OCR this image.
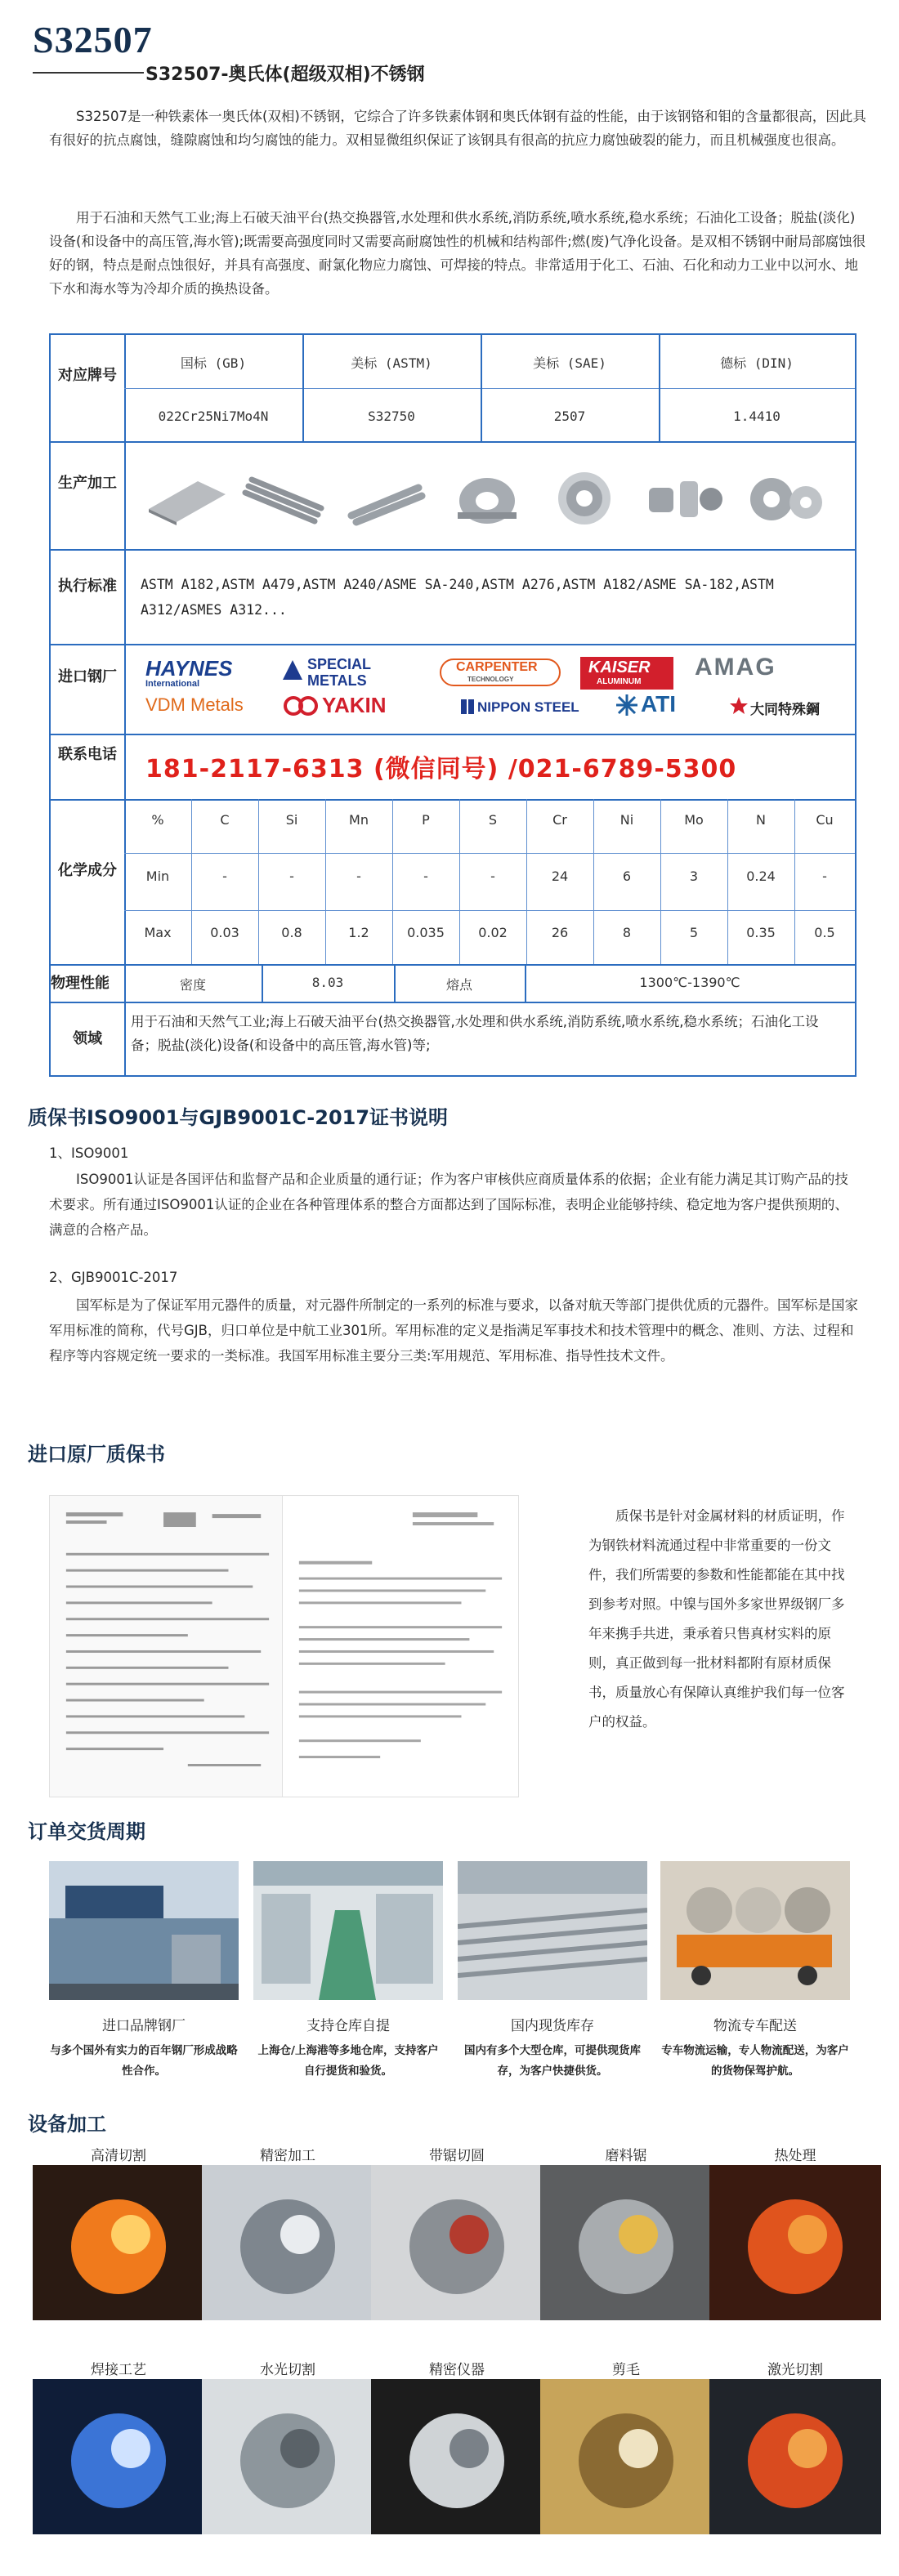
S32507
S32507-奥氏体(超级双相)不锈钢
S32507是一种铁素体一奥氏体(双相)不锈钢，它综合了许多铁素体钢和奥氏体钢有益的性能，由于该钢铬和钼的含量都很高，因此具有很好的抗点腐蚀，缝隙腐蚀和均匀腐蚀的能力。双相显微组织保证了该钢具有很高的抗应力腐蚀破裂的能力，而且机械强度也很高。
用于石油和天然气工业;海上石破天油平台(热交换器管,水处理和供水系统,消防系统,喷水系统,稳水系统；石油化工设备；脱盐(淡化)设备(和设备中的高压管,海水管);既需要高强度同时又需要高耐腐蚀性的机械和结构部件;燃(废)气净化设备。是双相不锈钢中耐局部腐蚀很好的钢，特点是耐点蚀很好，并具有高强度、耐氯化物应力腐蚀、可焊接的特点。非常适用于化工、石油、石化和动力工业中以河水、地下水和海水等为冷却介质的换热设备。
对应牌号
国标 (GB)	美标 (ASTM)	美标 (SAE)	德标 (DIN)
022Cr25Ni7Mo4N	S32750	2507	1.4410
生产加工
执行标准	ASTM A182,ASTM A479,ASTM A240/ASME SA-240,ASTM A276,ASTM A182/ASME SA-182,ASTM A312/ASMES A312...
进口钢厂	HAYNES
International
SPECIAL
METALS
CARPENTER
TECHNOLOGY
KAISER
ALUMINUM
AMAG
VDM Metals	YAKIN	NIPPON STEEL	ATI	大同特殊鋼
联系电话
181-2117-6313 (微信同号) /021-6789-5300
化学成分
%	C	Si	Mn	P	S	Cr	Ni	Mo	N	Cu
Min	-	-	-	-	-	24	6	3	0.24	-
Max	0.03	0.8	1.2	0.035	0.02	26	8	5	0.35	0.5
物理性能	密度	8.03	熔点	1300℃-1390℃
领域
用于石油和天然气工业;海上石破天油平台(热交换器管,水处理和供水系统,消防系统,喷水系统,稳水系统；石油化工设备；脱盐(淡化)设备(和设备中的高压管,海水管)等;
质保书ISO9001与GJB9001C-2017证书说明
1、ISO9001
ISO9001认证是各国评估和监督产品和企业质量的通行证；作为客户审核供应商质量体系的依据；企业有能力满足其订购产品的技术要求。所有通过ISO9001认证的企业在各种管理体系的整合方面都达到了国际标准，表明企业能够持续、稳定地为客户提供预期的、满意的合格产品。
2、GJB9001C-2017
国军标是为了保证军用元器件的质量，对元器件所制定的一系列的标准与要求，以备对航天等部门提供优质的元器件。国军标是国家军用标准的简称，代号GJB，归口单位是中航工业301所。军用标准的定义是指满足军事技术和技术管理中的概念、准则、方法、过程和程序等内容规定统一要求的一类标准。我国军用标准主要分三类:军用规范、军用标准、指导性技术文件。
进口原厂质保书
质保书是针对金属材料的材质证明，作为钢铁材料流通过程中非常重要的一份文件，我们所需要的参数和性能都能在其中找到参考对照。中镍与国外多家世界级钢厂多年来携手共进，秉承着只售真材实料的原则，真正做到每一批材料都附有原材质保书，质量放心有保障认真维护我们每一位客户的权益。
订单交货周期
进口品牌钢厂	支持仓库自提	国内现货库存	物流专车配送
与多个国外有实力的百年钢厂形成战略性合作。
上海仓/上海港等多地仓库，支持客户自行提货和验货。
国内有多个大型仓库，可提供现货库存，为客户快捷供货。
专车物流运输，专人物流配送，为客户的货物保驾护航。
设备加工
高清切割	精密加工	带锯切圆	磨料锯	热处理
焊接工艺	水光切割	精密仪器	剪毛	激光切割
